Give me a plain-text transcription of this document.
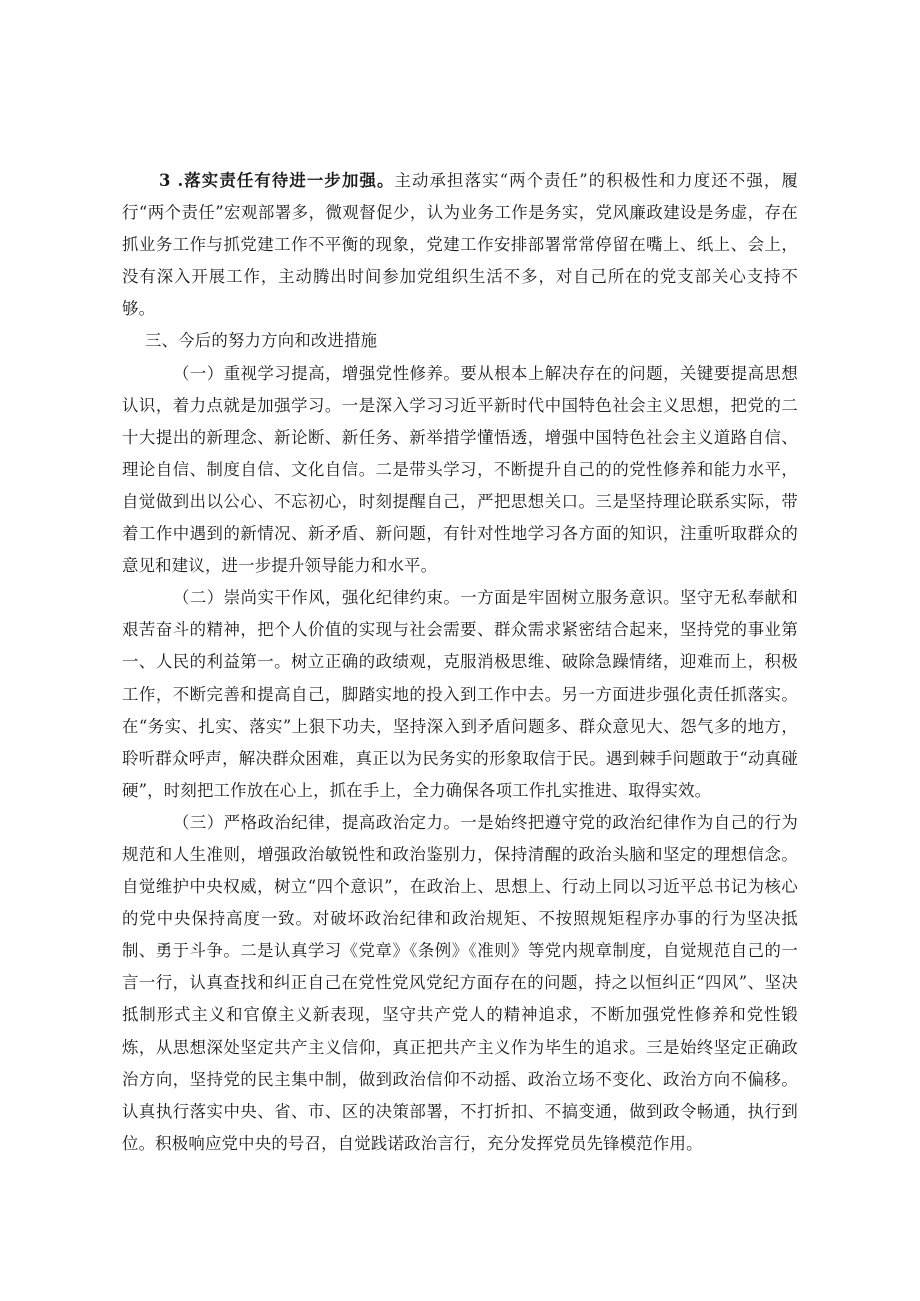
3 .落实责任有待进一步加强。主动承担落实“两个责任”的积极性和力度还不强，履行“两个责任”宏观部署多，微观督促少，认为业务工作是务实，党风廉政建设是务虚，存在抓业务工作与抓党建工作不平衡的现象，党建工作安排部署常常停留在嘴上、纸上、会上，没有深入开展工作，主动腾出时间参加党组织生活不多，对自己所在的党支部关心支持不够。

三、今后的努力方向和改进措施

（一）重视学习提高，增强党性修养。要从根本上解决存在的问题，关键要提高思想认识，着力点就是加强学习。一是深入学习习近平新时代中国特色社会主义思想，把党的二十大提出的新理念、新论断、新任务、新举措学懂悟透，增强中国特色社会主义道路自信、理论自信、制度自信、文化自信。二是带头学习，不断提升自己的的党性修养和能力水平，自觉做到出以公心、不忘初心，时刻提醒自己，严把思想关口。三是坚持理论联系实际，带着工作中遇到的新情况、新矛盾、新问题，有针对性地学习各方面的知识，注重听取群众的意见和建议，进一步提升领导能力和水平。

（二）崇尚实干作风，强化纪律约束。一方面是牢固树立服务意识。坚守无私奉献和艰苦奋斗的精神，把个人价值的实现与社会需要、群众需求紧密结合起来，坚持党的事业第一、人民的利益第一。树立正确的政绩观，克服消极思维、破除急躁情绪，迎难而上，积极工作，不断完善和提高自己，脚踏实地的投入到工作中去。另一方面进步强化责任抓落实。在“务实、扎实、落实”上狠下功夫，坚持深入到矛盾问题多、群众意见大、怨气多的地方，聆听群众呼声，解决群众困难，真正以为民务实的形象取信于民。遇到棘手问题敢于“动真碰硬”，时刻把工作放在心上，抓在手上，全力确保各项工作扎实推进、取得实效。

（三）严格政治纪律，提高政治定力。一是始终把遵守党的政治纪律作为自己的行为规范和人生准则，增强政治敏锐性和政治鉴别力，保持清醒的政治头脑和坚定的理想信念。自觉维护中央权威，树立“四个意识”，在政治上、思想上、行动上同以习近平总书记为核心的党中央保持高度一致。对破坏政治纪律和政治规矩、不按照规矩程序办事的行为坚决抵制、勇于斗争。二是认真学习《党章》《条例》《准则》等党内规章制度，自觉规范自己的一言一行，认真查找和纠正自己在党性党风党纪方面存在的问题，持之以恒纠正“四风”、坚决抵制形式主义和官僚主义新表现，坚守共产党人的精神追求，不断加强党性修养和党性锻炼，从思想深处坚定共产主义信仰，真正把共产主义作为毕生的追求。三是始终坚定正确政治方向，坚持党的民主集中制，做到政治信仰不动摇、政治立场不变化、政治方向不偏移。认真执行落实中央、省、市、区的决策部署，不打折扣、不搞变通，做到政令畅通，执行到位。积极响应党中央的号召，自觉践诺政治言行，充分发挥党员先锋模范作用。
